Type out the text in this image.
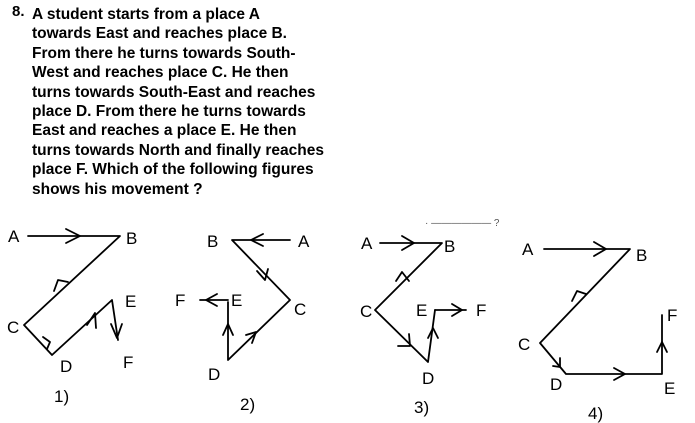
8. A student starts from a place A
towards East and reaches place B.
From there he turns towards South-
West and reaches place C. He then
turns towards South-East and reaches
place D. From there he turns towards
East and reaches a place E. He then
turns towards North and finally reaches
place F. Which of the following figures
shows his movement ?
· —————— ?
A	B
C
D
E
F
1)
A
B
C
D
E
F
2)
A	B
C
D
E	F
3)
A	B
C
D	E
F
4)
